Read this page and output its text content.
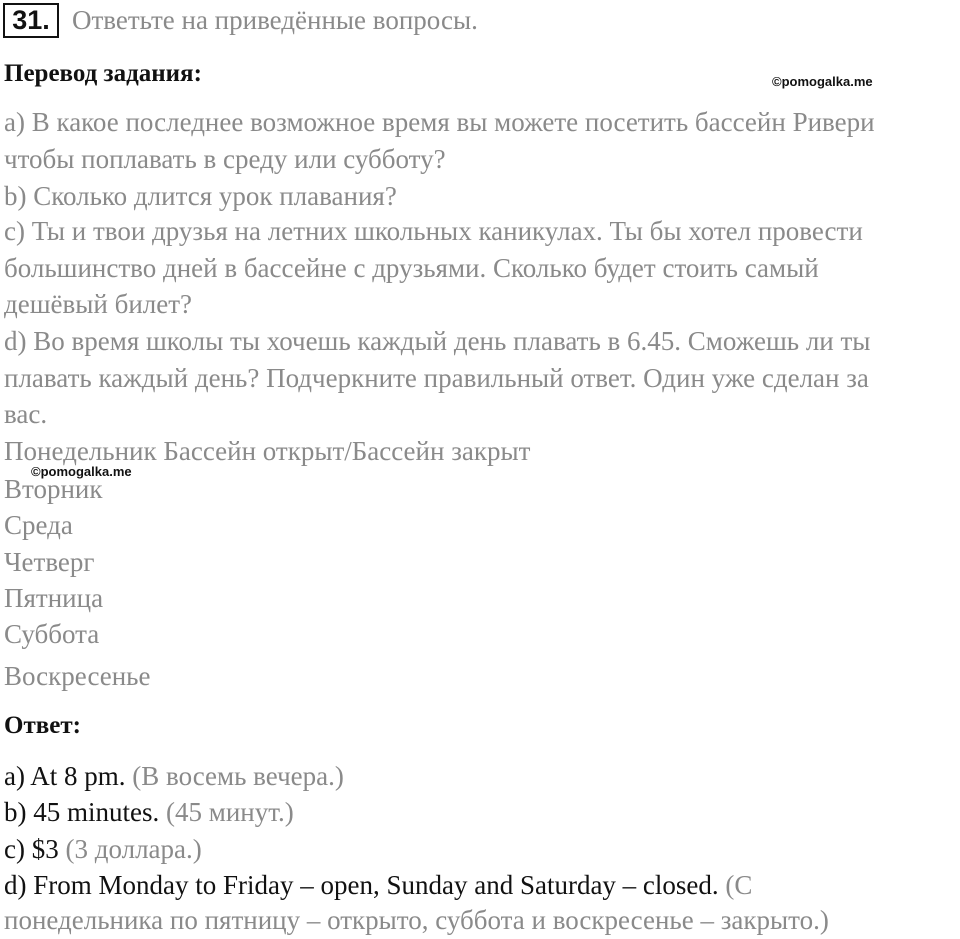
31. Ответьте на приведённые вопросы.
Перевод задания:	©pomogalka.me
a) В какое последнее возможное время вы можете посетить бассейн Ривери
чтобы поплавать в среду или субботу?
b) Сколько длится урок плавания?
c) Ты и твои друзья на летних школьных каникулах. Ты бы хотел провести
большинство дней в бассейне с друзьями. Сколько будет стоить самый
дешёвый билет?
d) Во время школы ты хочешь каждый день плавать в 6.45. Сможешь ли ты
плавать каждый день? Подчеркните правильный ответ. Один уже сделан за
вас.
Понедельник Бассейн открыт/Бассейн закрыт
©pomogalka.me
Вторник
Среда
Четверг
Пятница
Суббота
Воскресенье
Ответ:
a) At 8 pm. (В восемь вечера.)
b) 45 minutes. (45 минут.)
c) $3 (3 доллара.)
d) From Monday to Friday – open, Sunday and Saturday – closed. (С
понедельника по пятницу – открыто, суббота и воскресенье – закрыто.)
